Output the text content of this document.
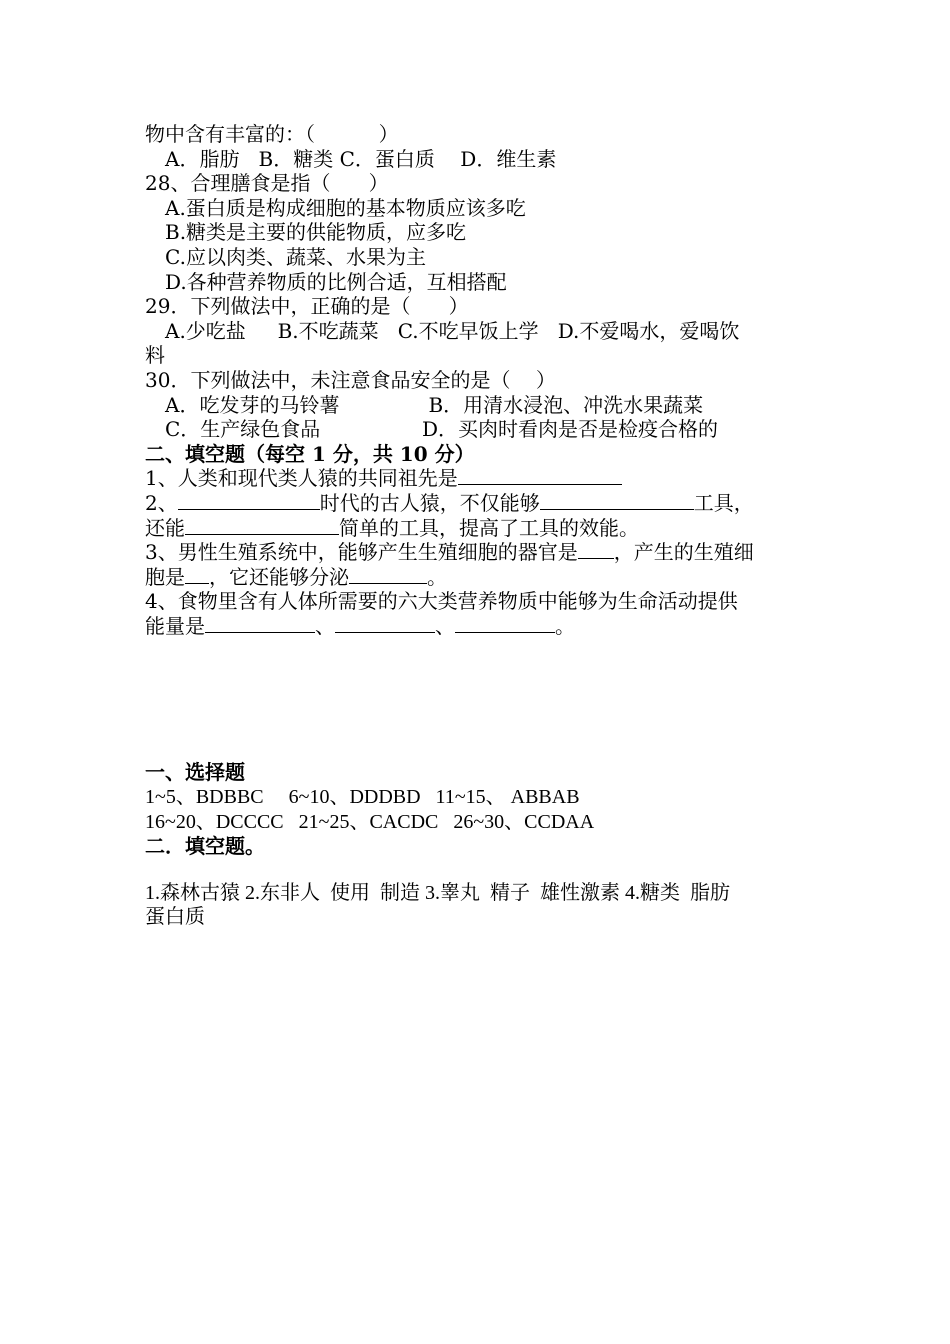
物中含有丰富的：（          ）
A．脂肪   B．糖类 C．蛋白质    D．维生素
28、合理膳食是指（      ）
A.蛋白质是构成细胞的基本物质应该多吃
B.糖类是主要的供能物质，应多吃
C.应以肉类、蔬菜、水果为主
D.各种营养物质的比例合适，互相搭配
29．下列做法中，正确的是（      ）
A.少吃盐     B.不吃蔬菜   C.不吃早饭上学   D.不爱喝水，爱喝饮
料
30．下列做法中，未注意食品安全的是（    ）
A．吃发芽的马铃薯              B．用清水浸泡、冲洗水果蔬菜
C．生产绿色食品                D．买肉时看肉是否是检疫合格的
二、填空题（每空 1 分，共 10 分）
1、人类和现代类人猿的共同祖先是
2、	时代的古人猿，不仅能够	工具，
还能	简单的工具，提高了工具的效能。
3、男性生殖系统中，能够产生生殖细胞的器官是 ，产生的生殖细
胞是 ，它还能够分泌	。
4、食物里含有人体所需要的六大类营养物质中能够为生命活动提供
能量是	、	、	。
一、选择题
1~5、BDBBC     6~10、DDDBD   11~15、 ABBAB
16~20、DCCCC   21~25、CACDC   26~30、CCDAA
二．填空题。
1.森林古猿 2.东非人  使用  制造 3.睾丸  精子  雄性激素 4.糖类  脂肪
蛋白质
